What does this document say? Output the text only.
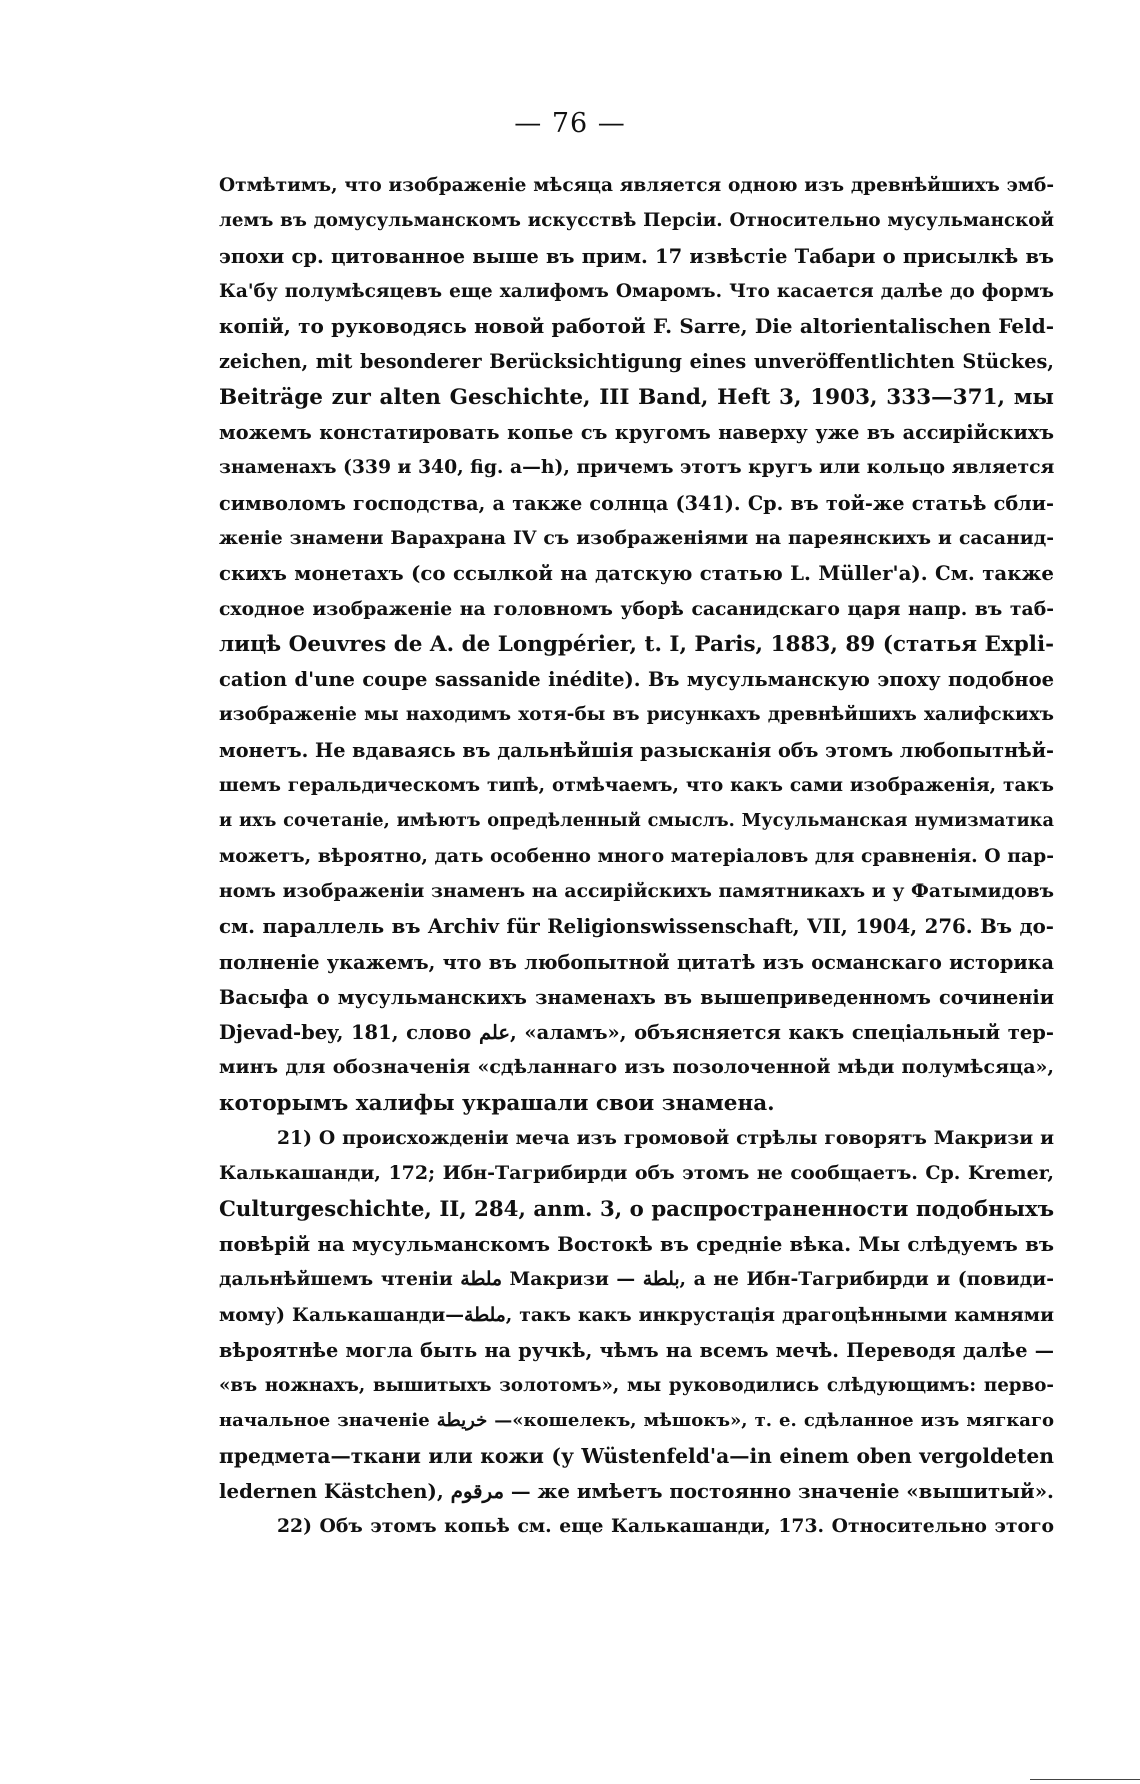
— 76 —
Отмѣтимъ, что изображеніе мѣсяца является одною изъ древнѣйшихъ эмб-
лемъ въ домусульманскомъ искусствѣ Персіи. Относительно мусульманской
эпохи ср. цитованное выше въ прим. 17 извѣстіе Табари о присылкѣ въ
Ка'бу полумѣсяцевъ еще халифомъ Омаромъ. Что касается далѣе до формъ
копій, то руководясь новой работой F. Sarre, Die altorientalischen Feld-
zeichen, mit besonderer Berücksichtigung eines unveröffentlichten Stückes,
Beiträge zur alten Geschichte, III Band, Heft 3, 1903, 333—371, мы
можемъ констатировать копье съ кругомъ наверху уже въ ассирійскихъ
знаменахъ (339 и 340, fig. a—h), причемъ этотъ кругъ или кольцо является
символомъ господства, а также солнца (341). Ср. въ той-же статьѣ сбли-
женіе знамени Варахрана IV съ изображеніями на пареянскихъ и сасанид-
скихъ монетахъ (со ссылкой на датскую статью L. Müller'a). См. также
сходное изображеніе на головномъ уборѣ сасанидскаго царя напр. въ таб-
лицѣ Oeuvres de A. de Longpérier, t. I, Paris, 1883, 89 (статья Expli-
cation d'une coupe sassanide inédite). Въ мусульманскую эпоху подобное
изображеніе мы находимъ хотя-бы въ рисункахъ древнѣйшихъ халифскихъ
монетъ. Не вдаваясь въ дальнѣйшія разысканія объ этомъ любопытнѣй-
шемъ геральдическомъ типѣ, отмѣчаемъ, что какъ сами изображенія, такъ
и ихъ сочетаніе, имѣютъ опредѣленный смыслъ. Мусульманская нумизматика
можетъ, вѣроятно, дать особенно много матеріаловъ для сравненія. О пар-
номъ изображеніи знаменъ на ассирійскихъ памятникахъ и у Фатымидовъ
см. параллель въ Archiv für Religionswissenschaft, VII, 1904, 276. Въ до-
полненіе укажемъ, что въ любопытной цитатѣ изъ османскаго историка
Васыфа о мусульманскихъ знаменахъ въ вышеприведенномъ сочиненіи
Djevad-bey, 181, слово علم, «аламъ», объясняется какъ спеціальный тер-
минъ для обозначенія «сдѣланнаго изъ позолоченной мѣди полумѣсяца»,
которымъ халифы украшали свои знамена.
21) О происхожденіи меча изъ громовой стрѣлы говорятъ Макризи и
Калькашанди, 172; Ибн-Тагрибирди объ этомъ не сообщаетъ. Ср. Kremer,
Culturgeschichte, II, 284, anm. 3, о распространенности подобныхъ
повѣрій на мусульманскомъ Востокѣ въ средніе вѣка. Мы слѣдуемъ въ
дальнѣйшемъ чтеніи ملطة Макризи — بلطة, а не Ибн-Тагрибирди и (повиди-
мому) Калькашанди—ملطة, такъ какъ инкрустація драгоцѣнными камнями
вѣроятнѣе могла быть на ручкѣ, чѣмъ на всемъ мечѣ. Переводя далѣе —
«въ ножнахъ, вышитыхъ золотомъ», мы руководились слѣдующимъ: перво-
начальное значеніе خريطة —«кошелекъ, мѣшокъ», т. е. сдѣланное изъ мягкаго
предмета—ткани или кожи (у Wüstenfeld'a—in einem oben vergoldeten
ledernen Kästchen), مرقوم — же имѣетъ постоянно значеніе «вышитый».
22) Объ этомъ копьѣ см. еще Калькашанди, 173. Относительно этого
